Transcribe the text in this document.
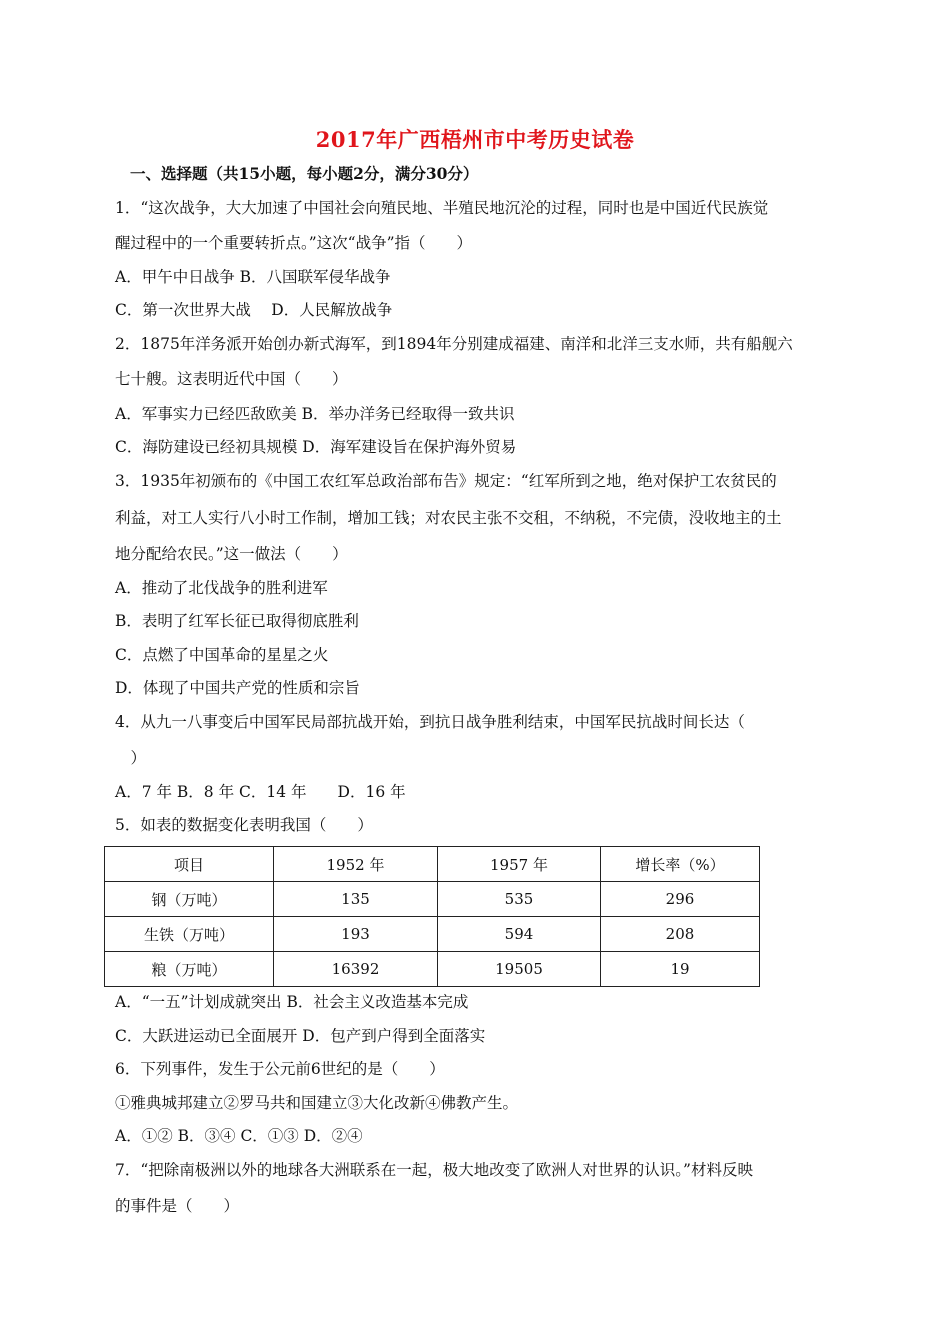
2017年广西梧州市中考历史试卷
一、选择题（共15小题，每小题2分，满分30分）
1．“这次战争，大大加速了中国社会向殖民地、半殖民地沉沦的过程，同时也是中国近代民族觉
醒过程中的一个重要转折点。”这次“战争”指（　　）
A．甲午中日战争 B．八国联军侵华战争
C．第一次世界大战　 D．人民解放战争
2．1875年洋务派开始创办新式海军，到1894年分别建成福建、南洋和北洋三支水师，共有船舰六
七十艘。这表明近代中国（　　）
A．军事实力已经匹敌欧美 B．举办洋务已经取得一致共识
C．海防建设已经初具规模 D．海军建设旨在保护海外贸易
3．1935年初颁布的《中国工农红军总政治部布告》规定：“红军所到之地，绝对保护工农贫民的
利益，对工人实行八小时工作制，增加工钱；对农民主张不交租，不纳税，不完债，没收地主的土
地分配给农民。”这一做法（　　）
A．推动了北伐战争的胜利进军
B．表明了红军长征已取得彻底胜利
C．点燃了中国革命的星星之火
D．体现了中国共产党的性质和宗旨
4．从九一八事变后中国军民局部抗战开始，到抗日战争胜利结束，中国军民抗战时间长达（
　）
A．7 年 B．8 年 C．14 年　　D．16 年
5．如表的数据变化表明我国（　　）
项目	1952 年	1957 年	增长率（%）
钢（万吨）	135	535	296
生铁（万吨）	193	594	208
粮（万吨）	16392	19505	19
A．“一五”计划成就突出 B．社会主义改造基本完成
C．大跃进运动已全面展开 D．包产到户得到全面落实
6．下列事件，发生于公元前6世纪的是（　　）
①雅典城邦建立②罗马共和国建立③大化改新④佛教产生。
A．①② B．③④ C．①③ D．②④
7．“把除南极洲以外的地球各大洲联系在一起，极大地改变了欧洲人对世界的认识。”材料反映
的事件是（　　）
